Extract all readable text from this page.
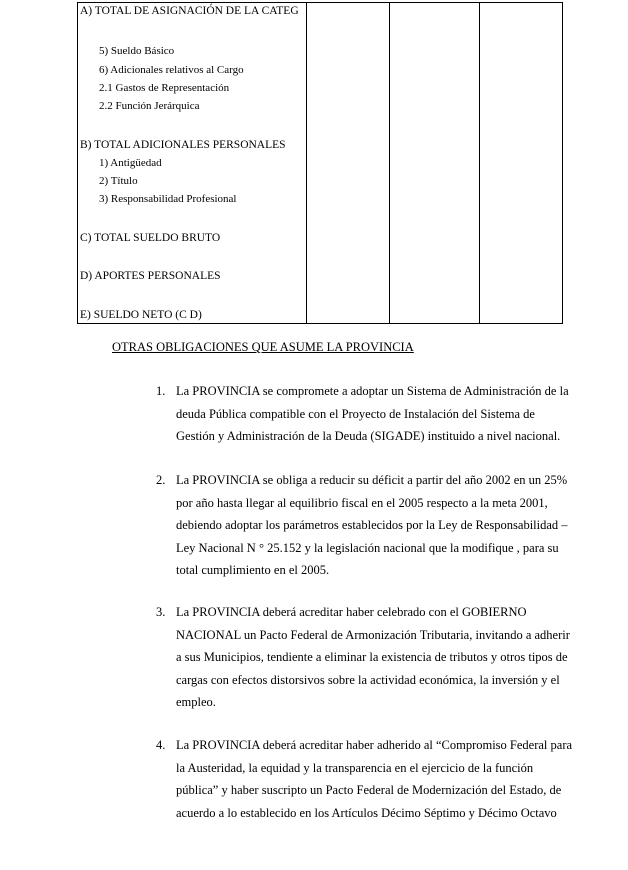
A) TOTAL DE ASIGNACIÓN DE LA CATEG
5) Sueldo Básico
6) Adicionales relativos al Cargo
2.1 Gastos de Representación
2.2 Función Jerárquica
B) TOTAL ADICIONALES PERSONALES
1) Antigüedad
2) Título
3) Responsabilidad Profesional
C) TOTAL SUELDO BRUTO
D) APORTES PERSONALES
E) SUELDO NETO (C D)

OTRAS OBLIGACIONES QUE ASUME LA PROVINCIA
1. La PROVINCIA se compromete a adoptar un Sistema de Administración de la
deuda Pública compatible con el Proyecto de Instalación del Sistema de
Gestión y Administración de la Deuda (SIGADE) instituido a nivel nacional.
2. La PROVINCIA se obliga a reducir su déficit a partir del año 2002 en un 25%
por año hasta llegar al equilibrio fiscal en el 2005 respecto a la meta 2001,
debiendo adoptar los parámetros establecidos por la Ley de Responsabilidad –
Ley Nacional N ° 25.152 y la legislación nacional que la modifique , para su
total cumplimiento en el 2005.
3. La PROVINCIA deberá acreditar haber celebrado con el GOBIERNO
NACIONAL un Pacto Federal de Armonización Tributaria, invitando a adherir
a sus Municipios, tendiente a eliminar la existencia de tributos y otros tipos de
cargas con efectos distorsivos sobre la actividad económica, la inversión y el
empleo.
4. La PROVINCIA deberá acreditar haber adherido al “Compromiso Federal para
la Austeridad, la equidad y la transparencia en el ejercicio de la función
pública” y haber suscripto un Pacto Federal de Modernización del Estado, de
acuerdo a lo establecido en los Artículos Décimo Séptimo y Décimo Octavo
